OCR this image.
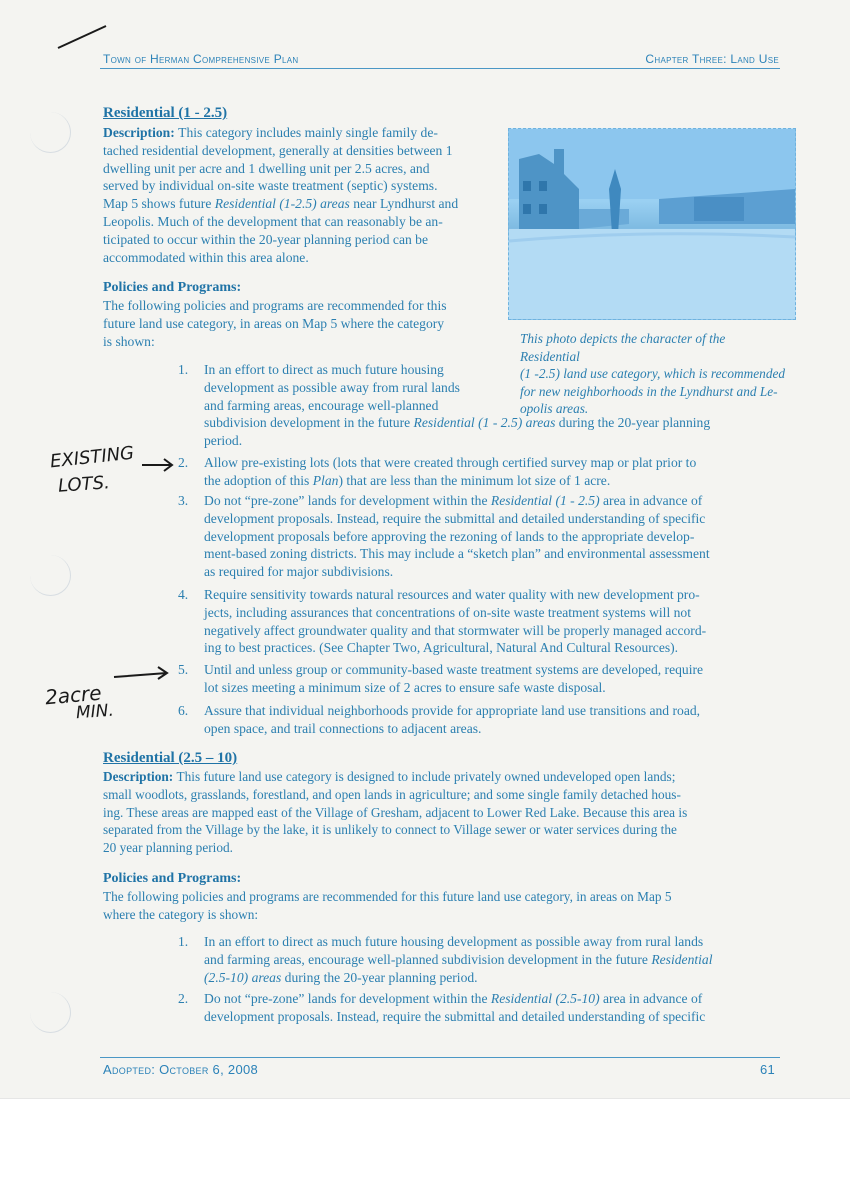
Town of Herman Comprehensive Plan	Chapter Three: Land Use
Residential (1 - 2.5)
Description: This category includes mainly single family de-
tached residential development, generally at densities between 1
dwelling unit per acre and 1 dwelling unit per 2.5 acres, and
served by individual on-site waste treatment (septic) systems.
Map 5 shows future Residential (1-2.5) areas near Lyndhurst and
Leopolis. Much of the development that can reasonably be an-
ticipated to occur within the 20-year planning period can be
accommodated within this area alone.
Policies and Programs:
The following policies and programs are recommended for this
future land use category, in areas on Map 5 where the category
is shown:	This photo depicts the character of the Residential
(1 -2.5) land use category, which is recommended
for new neighborhoods in the Lyndhurst and Le-
opolis areas.
1. In an effort to direct as much future housing
development as possible away from rural lands
and farming areas, encourage well-planned
subdivision development in the future Residential (1 - 2.5) areas during the 20-year planning
period.
2. Allow pre-existing lots (lots that were created through certified survey map or plat prior to
the adoption of this Plan) that are less than the minimum lot size of 1 acre.
3. Do not “pre-zone” lands for development within the Residential (1 - 2.5) area in advance of
development proposals. Instead, require the submittal and detailed understanding of specific
development proposals before approving the rezoning of lands to the appropriate develop-
ment-based zoning districts. This may include a “sketch plan” and environmental assessment
as required for major subdivisions.
4. Require sensitivity towards natural resources and water quality with new development pro-
jects, including assurances that concentrations of on-site waste treatment systems will not
negatively affect groundwater quality and that stormwater will be properly managed accord-
ing to best practices. (See Chapter Two, Agricultural, Natural And Cultural Resources).
5. Until and unless group or community-based waste treatment systems are developed, require
lot sizes meeting a minimum size of 2 acres to ensure safe waste disposal.
6. Assure that individual neighborhoods provide for appropriate land use transitions and road,
open space, and trail connections to adjacent areas.
EXISTING
LOTS.
2acre
MIN.
Residential (2.5 – 10)
Description: This future land use category is designed to include privately owned undeveloped open lands;
small woodlots, grasslands, forestland, and open lands in agriculture; and some single family detached hous-
ing. These areas are mapped east of the Village of Gresham, adjacent to Lower Red Lake. Because this area is
separated from the Village by the lake, it is unlikely to connect to Village sewer or water services during the
20 year planning period.
Policies and Programs:
The following policies and programs are recommended for this future land use category, in areas on Map 5
where the category is shown:
1. In an effort to direct as much future housing development as possible away from rural lands
and farming areas, encourage well-planned subdivision development in the future Residential
(2.5-10) areas during the 20-year planning period.
2. Do not “pre-zone” lands for development within the Residential (2.5-10) area in advance of
development proposals. Instead, require the submittal and detailed understanding of specific
Adopted: October 6, 2008	61
